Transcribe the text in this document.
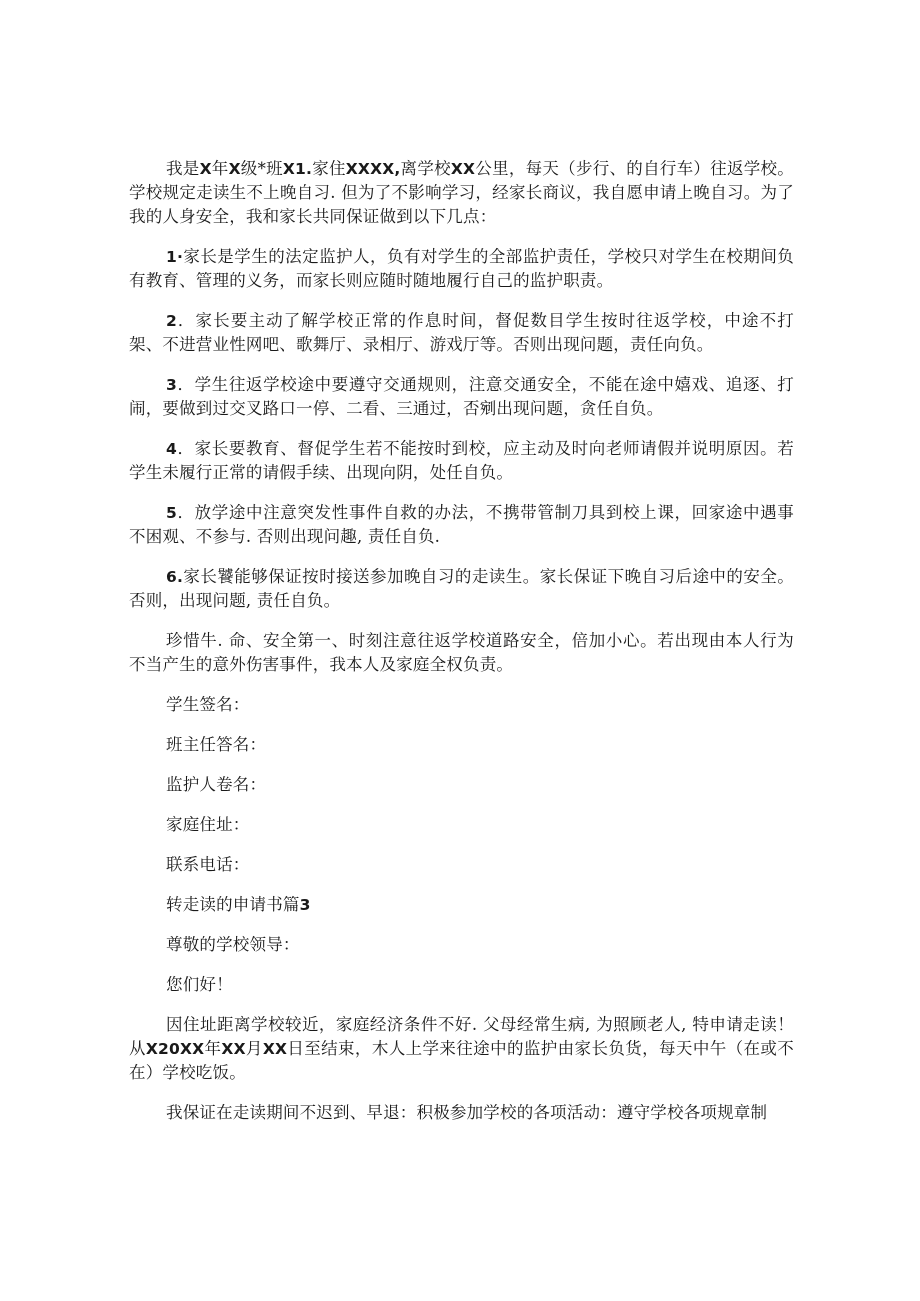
我是X年X级*班X1.家住XXXX,离学校XX公里，每天（步行、的自行车）往返学校。学校规定走读生不上晚自习. 但为了不影响学习，经家长商议，我自愿申请上晚自习。为了我的人身安全，我和家长共同保证做到以下几点：

1·家长是学生的法定监护人，负有对学生的全部监护责任，学校只对学生在校期间负有教育、管理的义务，而家长则应随时随地履行自己的监护职责。

2．家长要主动了解学校正常的作息时间，督促数目学生按时往返学校，中途不打架、不进营业性网吧、歌舞厅、录相厅、游戏厅等。否则出现问题，责任向负。

3．学生往返学校途中要遵守交通规则，注意交通安全，不能在途中嬉戏、追逐、打闹，要做到过交叉路口一停、二看、三通过，否剜出现问题，贪任自负。

4．家长要教育、督促学生若不能按时到校，应主动及时向老师请假并说明原因。若学生未履行正常的请假手续、出现向阴，处任自负。

5．放学途中注意突发性事件自救的办法，不携带管制刀具到校上课，回家途中遇事不困观、不参与. 否则出现问趣, 责任自负.

6.家长饕能够保证按时接送参加晚自习的走读生。家长保证下晚自习后途中的安全。否则，出现问题, 责任自负。

珍惜牛. 命、安全第一、时刻注意往返学校道路安全，倍加小心。若出现由本人行为不当产生的意外伤害事件，我本人及家庭全权负责。

学生签名：

班主任答名：

监护人卷名：

家庭住址：

联系电话：

转走读的申请书篇3

尊敬的学校领导：

您们好！

因住址距离学校较近，家庭经济条件不好. 父母经常生病, 为照顾老人, 特申请走读！从X20XX年XX月XX日至结束，木人上学来往途中的监护由家长负货，每天中午（在或不在）学校吃饭。

我保证在走读期间不迟到、早退：积极参加学校的各项活动：遵守学校各项规章制
